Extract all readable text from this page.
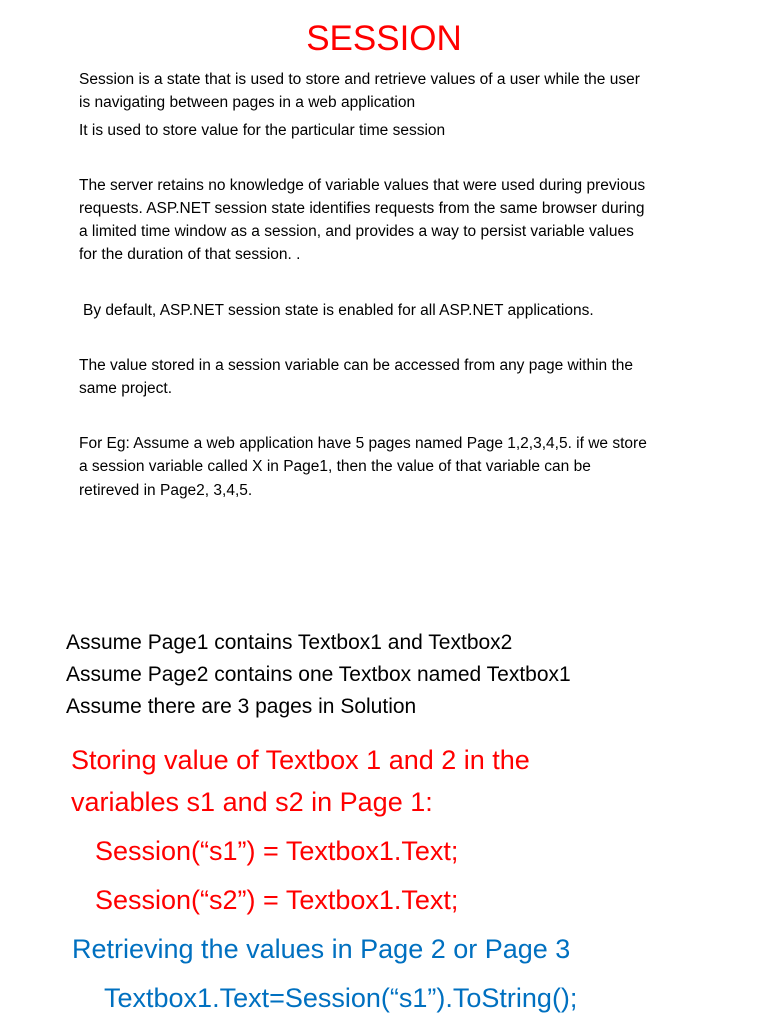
SESSION

Session is a state that is used to store and retrieve values of a user while the user

is navigating between pages in a web application

It is used to store value for the particular time session

The server retains no knowledge of variable values that were used during previous

requests. ASP.NET session state identifies requests from the same browser during

a limited time window as a session, and provides a way to persist variable values

for the duration of that session. .

By default, ASP.NET session state is enabled for all ASP.NET applications.

The value stored in a session variable can be accessed from any page within the

same project.

For Eg: Assume a web application have 5 pages named Page 1,2,3,4,5. if we store

a session variable called X in Page1, then the value of that variable can be

retireved in Page2, 3,4,5.

Assume Page1 contains Textbox1 and Textbox2

Assume Page2 contains one Textbox named Textbox1

Assume there are 3 pages in Solution

Storing value of Textbox 1 and 2 in the

variables s1 and s2 in Page 1:

Session(“s1”) = Textbox1.Text;

Session(“s2”) = Textbox1.Text;

Retrieving the values in Page 2 or Page 3

Textbox1.Text=Session(“s1”).ToString();
